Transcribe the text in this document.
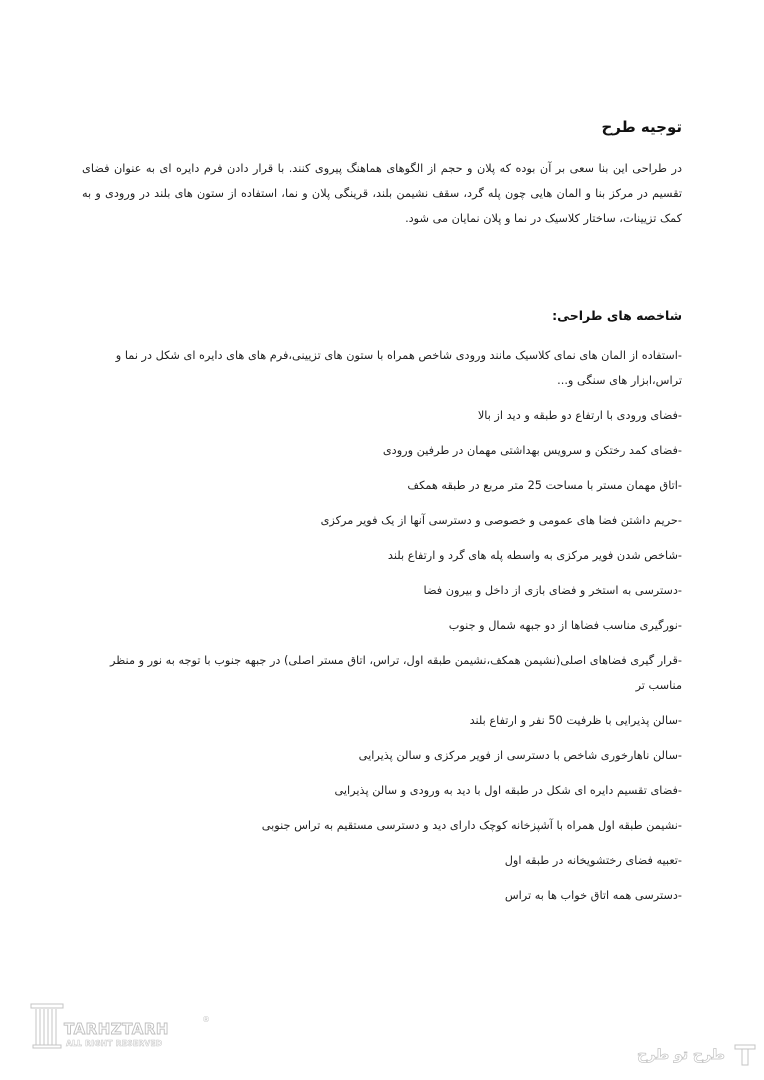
توجیه طرح

در طراحی این بنا سعی بر آن بوده که پلان و حجم از الگوهای هماهنگ پیروی کنند. با قرار دادن فرم دایره ای به عنوان فضای تقسیم در مرکز بنا و المان هایی چون پله گرد، سقف نشیمن بلند، قرینگی پلان و نما، استفاده از ستون های بلند در ورودی و به کمک تزیینات، ساختار کلاسیک در نما و پلان نمایان می شود.

شاخصه های طراحی:
-استفاده از المان های نمای کلاسیک مانند ورودی شاخص همراه با ستون های تزیینی،فرم های های دایره ای شکل در نما و تراس،ابزار های سنگی و...
-فضای ورودی با ارتفاع دو طبقه و دید از بالا
-فضای کمد رختکن و سرویس بهداشتی مهمان در طرفین ورودی
-اتاق مهمان مستر با مساحت 25 متر مربع در طبقه همکف
-حریم داشتن فضا های عمومی و خصوصی و دسترسی آنها از یک فویر مرکزی
-شاخص شدن فویر مرکزی به واسطه پله های گرد و ارتفاع بلند
-دسترسی به استخر و فضای بازی از داخل و بیرون فضا
-نورگیری مناسب فضاها از دو جبهه شمال و جنوب
-قرار گیری فضاهای اصلی(نشیمن همکف،نشیمن طبقه اول، تراس، اتاق مستر اصلی) در جبهه جنوب با توجه به نور و منظر مناسب تر
-سالن پذیرایی با ظرفیت 50 نفر و ارتفاع بلند
-سالن ناهارخوری شاخص با دسترسی از فویر مرکزی و سالن پذیرایی
-فضای تقسیم دایره ای شکل در طبقه اول با دید به ورودی و سالن پذیرایی
-نشیمن طبقه اول همراه با آشپزخانه کوچک دارای دید و دسترسی مستقیم به تراس جنوبی
-تعبیه فضای رختشویخانه در طبقه اول
-دسترسی همه اتاق خواب ها به تراس
TARHZTARH
ALL RIGHT RESERVED
®
طرح تو طرح
